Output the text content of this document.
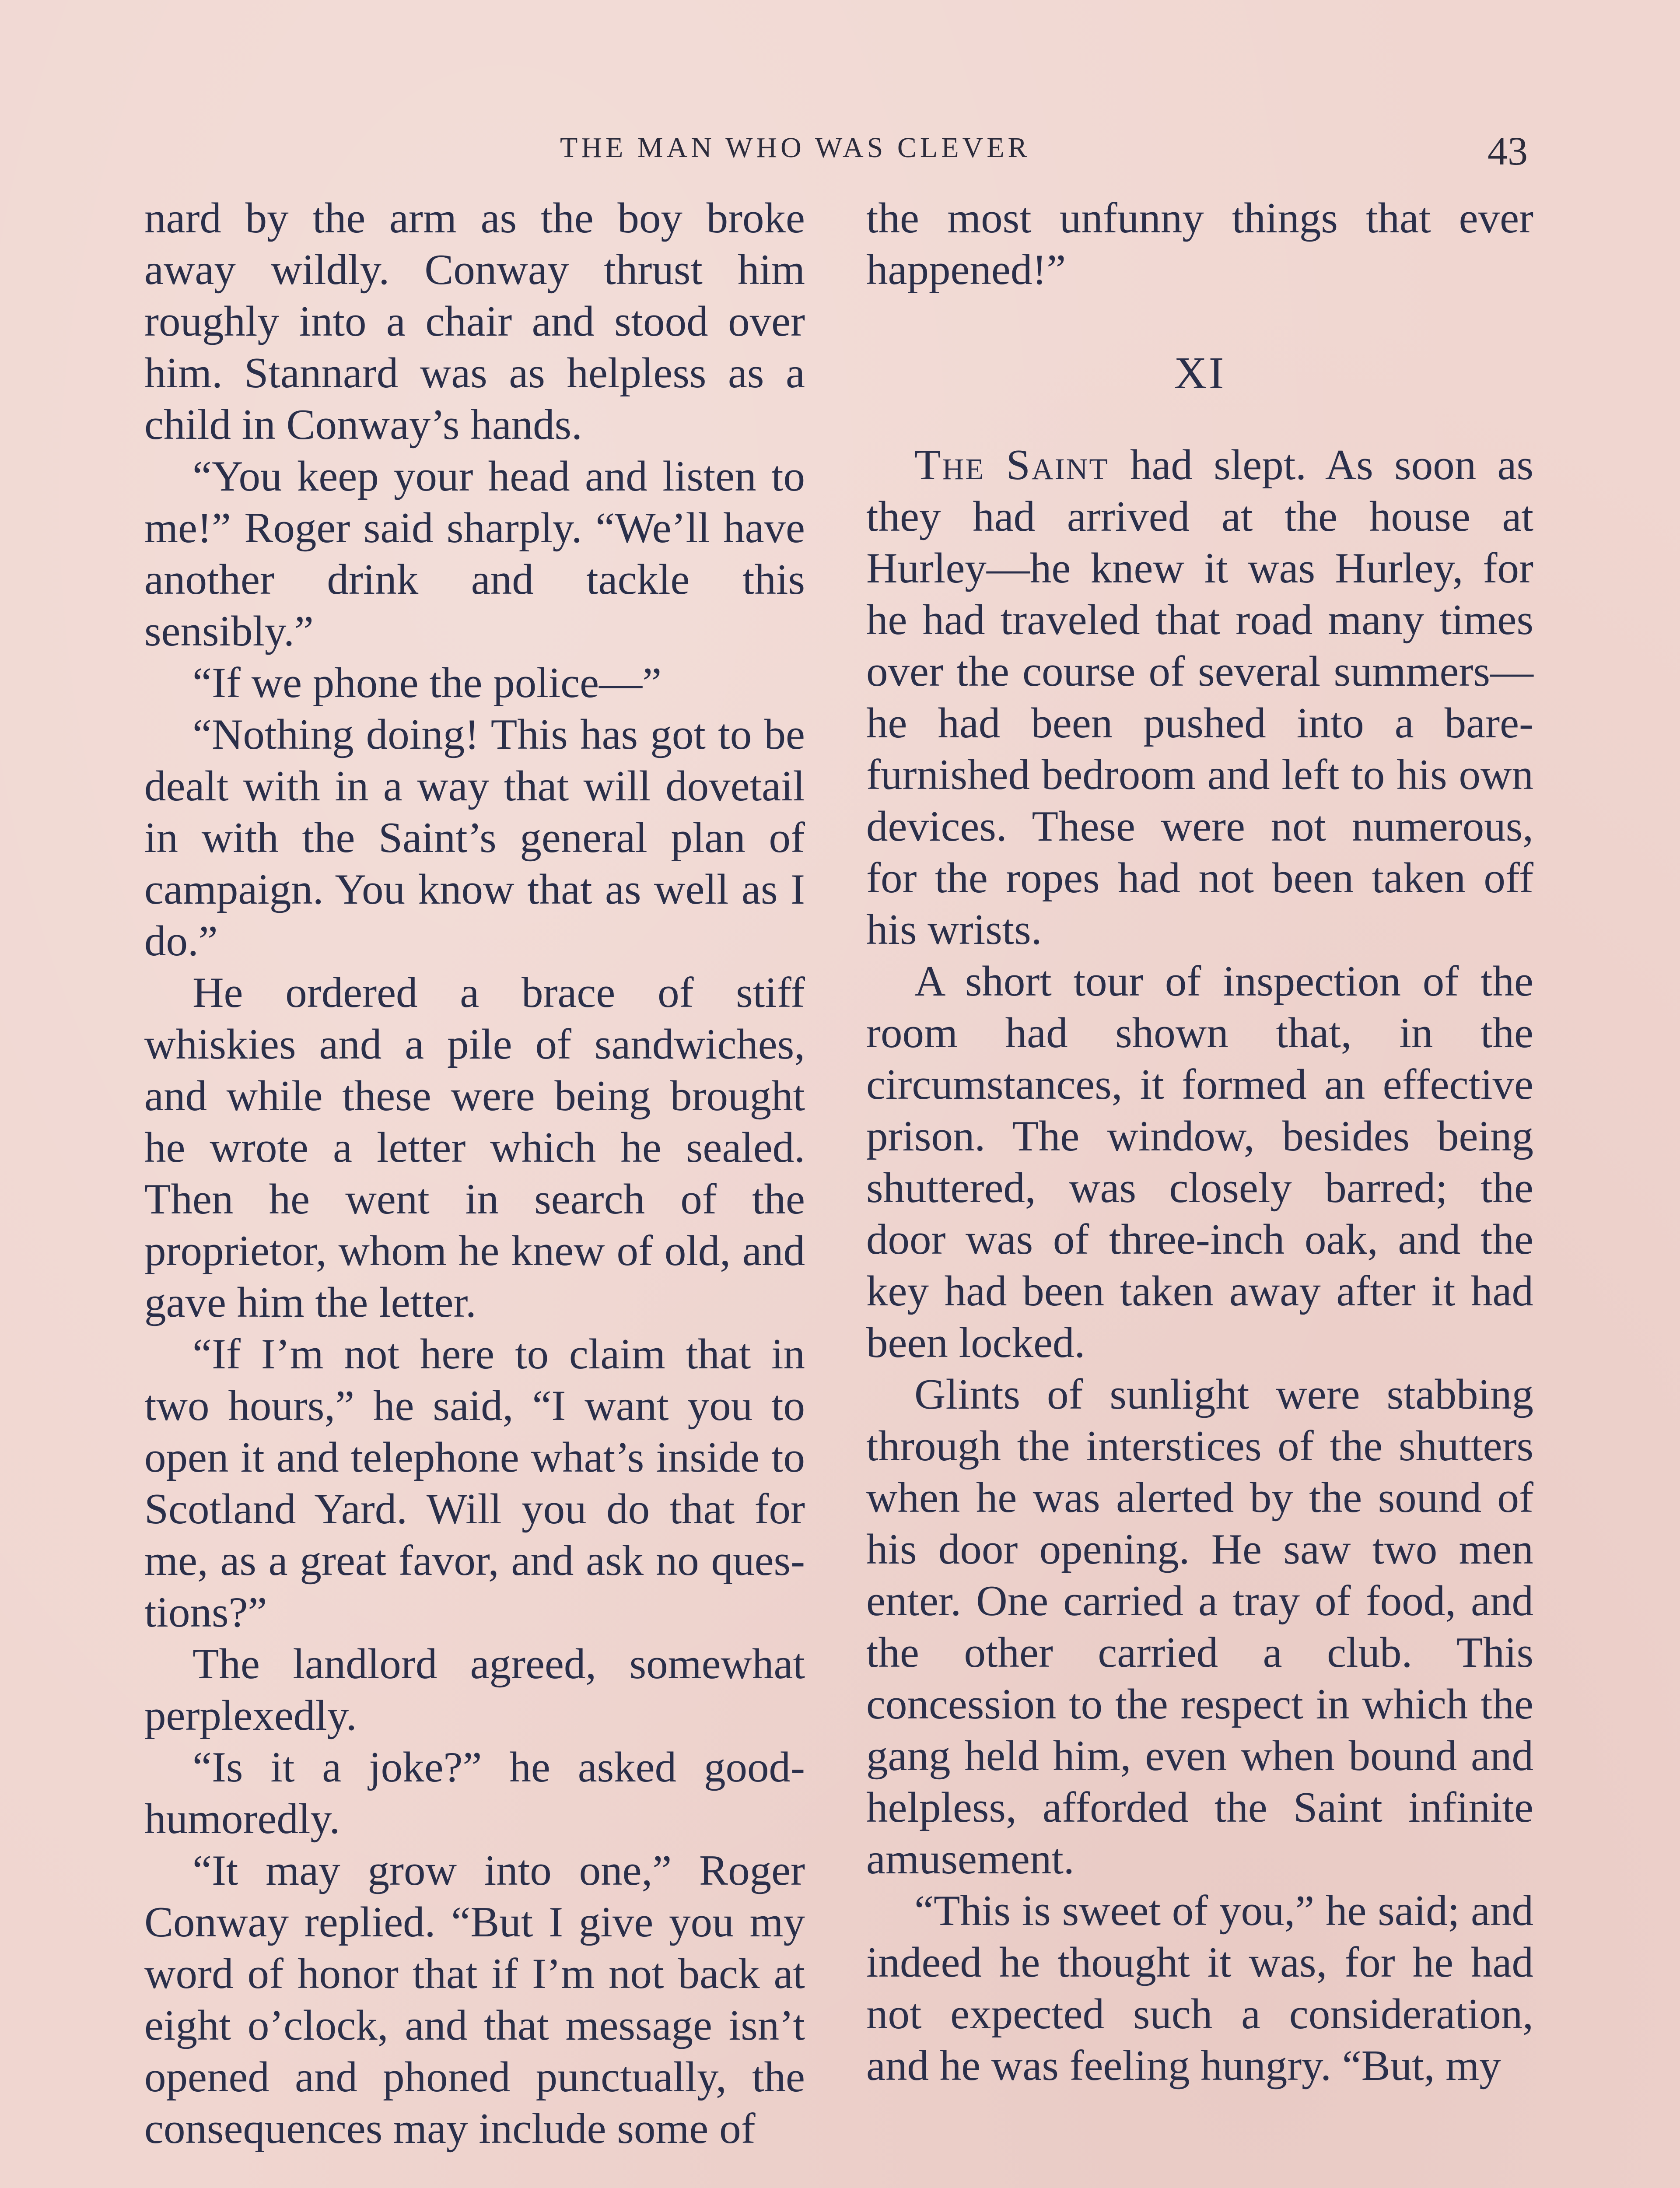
THE MAN WHO WAS CLEVER	43

nard by the arm as the boy broke away wildly. Conway thrust him roughly into a chair and stood over him. Stannard was as helpless as a child in Conway’s hands.

“You keep your head and listen to me!” Roger said sharply. “We’ll have another drink and tackle this sensibly.”

“If we phone the police—”

“Nothing doing! This has got to be dealt with in a way that will dovetail in with the Saint’s general plan of campaign. You know that as well as I do.”

He ordered a brace of stiff whiskies and a pile of sandwiches, and while these were being brought he wrote a letter which he sealed. Then he went in search of the proprietor, whom he knew of old, and gave him the letter.

“If I’m not here to claim that in two hours,” he said, “I want you to open it and telephone what’s inside to Scotland Yard. Will you do that for me, as a great favor, and ask no questions?”

The landlord agreed, somewhat perplexedly.

“Is it a joke?” he asked goodhumoredly.

“It may grow into one,” Roger Conway replied. “But I give you my word of honor that if I’m not back at eight o’clock, and that message isn’t opened and phoned punctually, the consequences may include some of

the most unfunny things that ever happened!”

XI

The Saint had slept. As soon as they had arrived at the house at Hurley—he knew it was Hurley, for he had traveled that road many times over the course of several summers—he had been pushed into a bare-furnished bedroom and left to his own devices. These were not numerous, for the ropes had not been taken off his wrists.

A short tour of inspection of the room had shown that, in the circumstances, it formed an effective prison. The window, besides being shuttered, was closely barred; the door was of three-inch oak, and the key had been taken away after it had been locked.

Glints of sunlight were stabbing through the interstices of the shutters when he was alerted by the sound of his door opening. He saw two men enter. One carried a tray of food, and the other carried a club. This concession to the respect in which the gang held him, even when bound and helpless, afforded the Saint infinite amusement.

“This is sweet of you,” he said; and indeed he thought it was, for he had not expected such a consideration, and he was feeling hungry. “But, my
